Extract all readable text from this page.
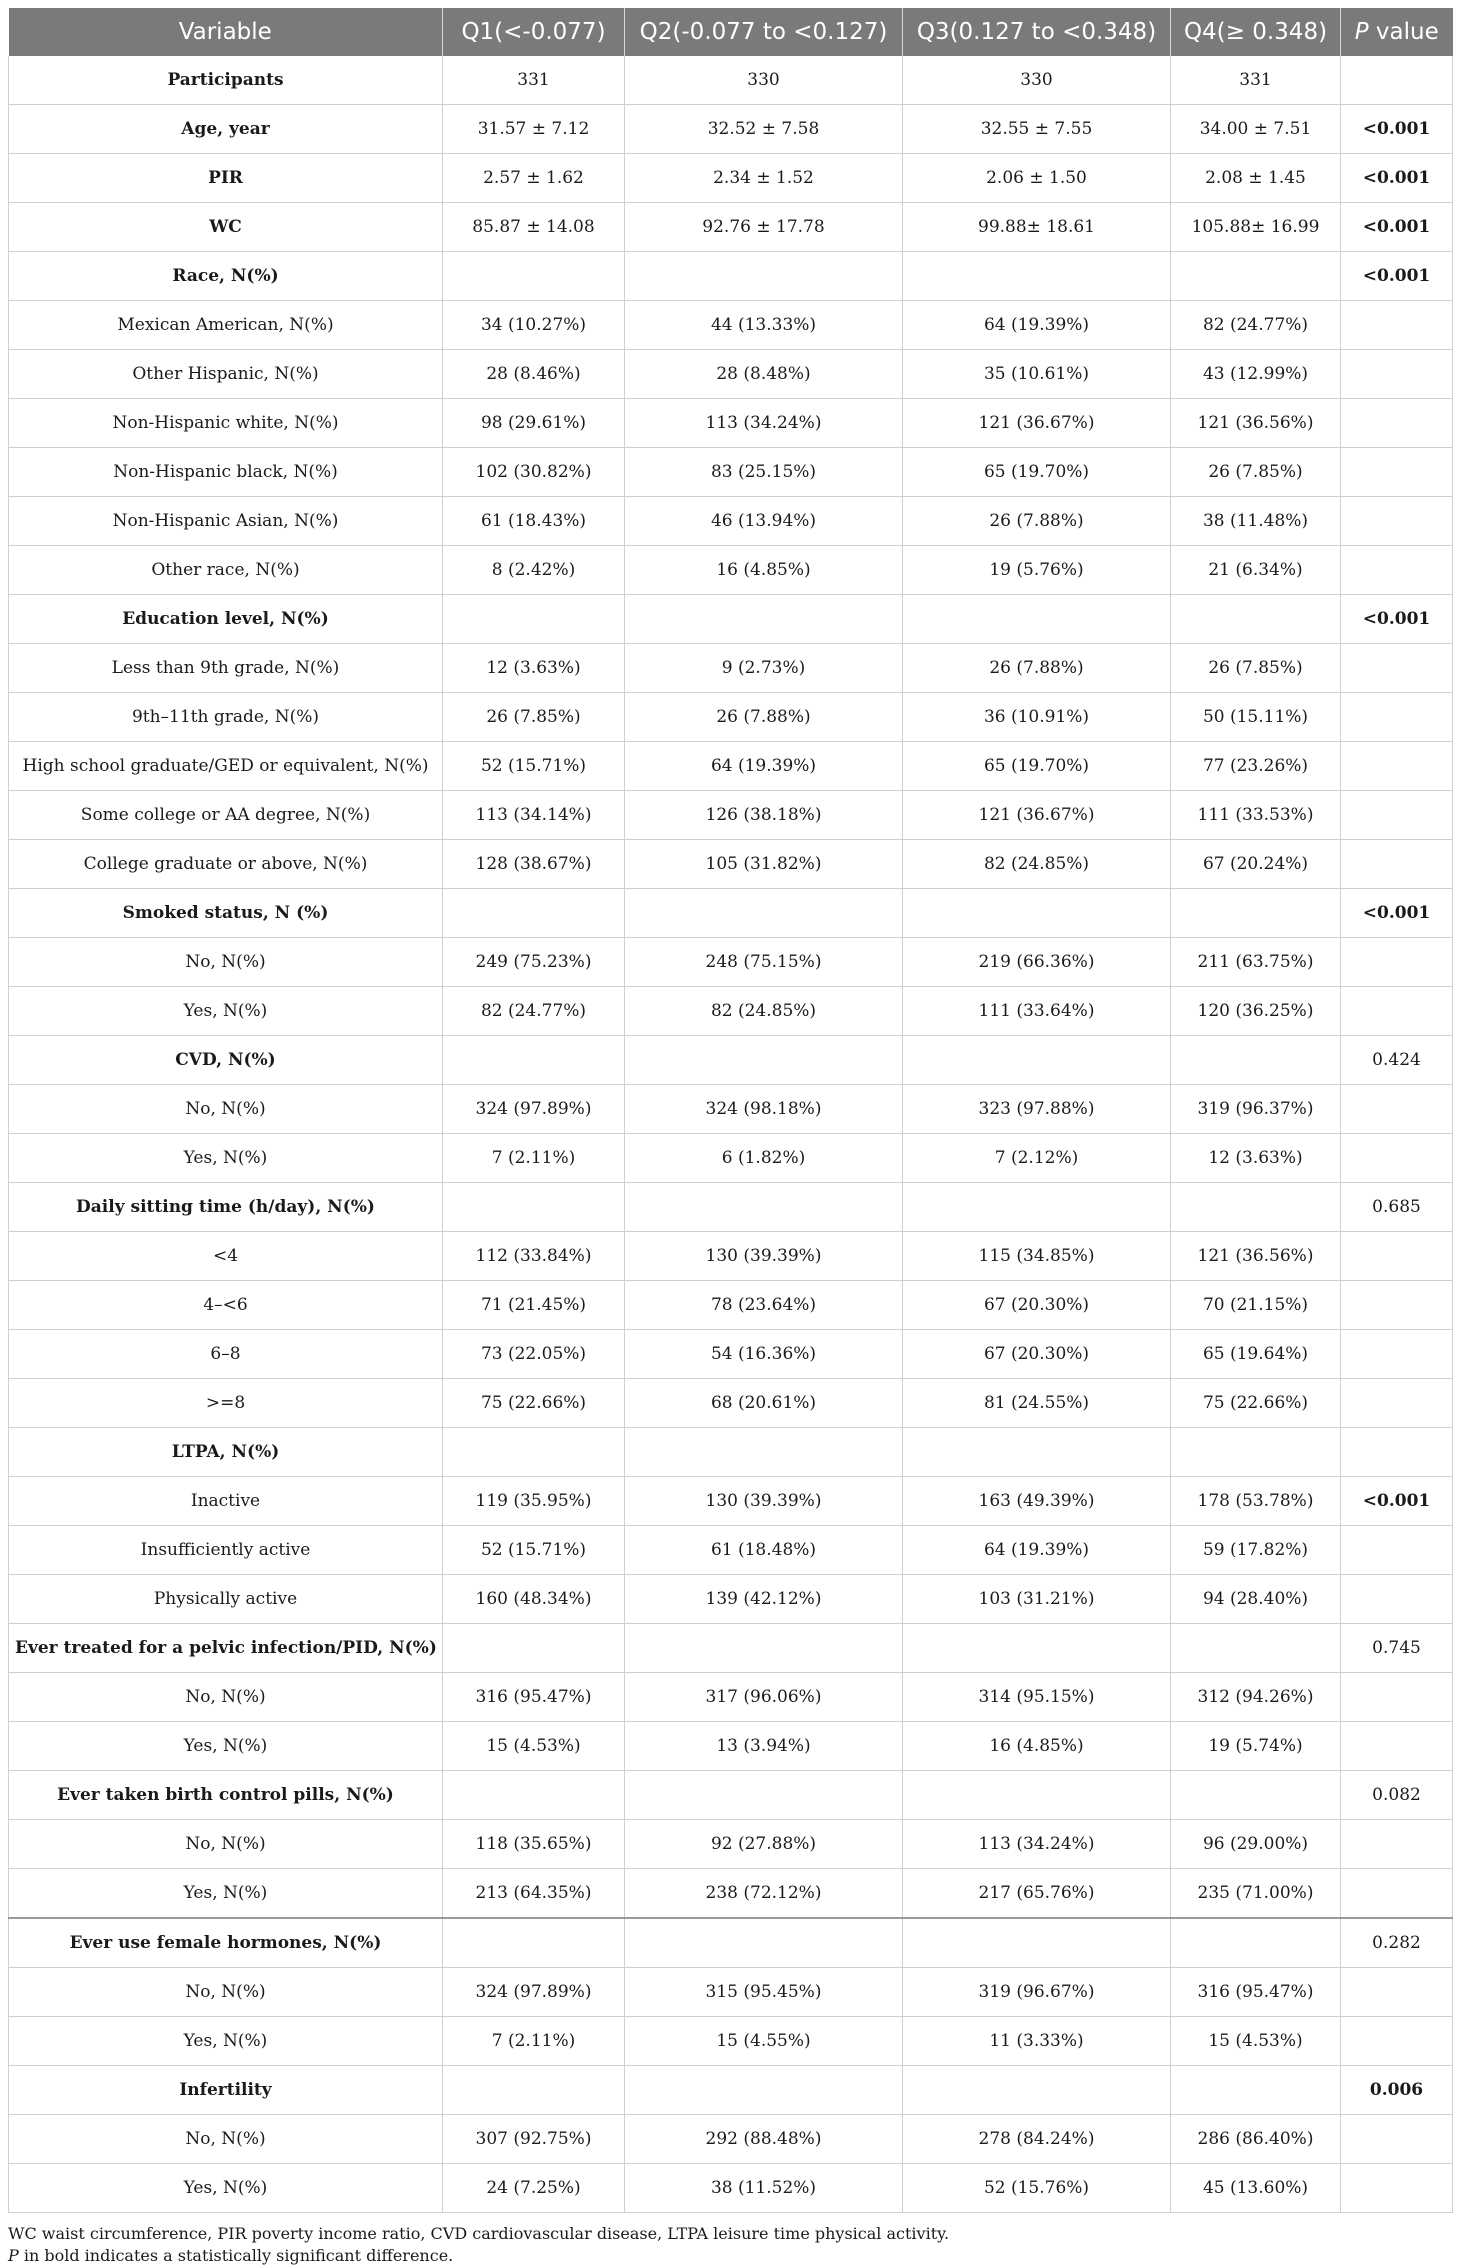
Variable	Q1(<-0.077)	Q2(-0.077 to <0.127)	Q3(0.127 to <0.348)	Q4(≥ 0.348)	P value
Participants	331	330	330	331	
Age, year	31.57 ± 7.12	32.52 ± 7.58	32.55 ± 7.55	34.00 ± 7.51	<0.001
PIR	2.57 ± 1.62	2.34 ± 1.52	2.06 ± 1.50	2.08 ± 1.45	<0.001
WC	85.87 ± 14.08	92.76 ± 17.78	99.88± 18.61	105.88± 16.99	<0.001
Race, N(%)					<0.001
Mexican American, N(%)	34 (10.27%)	44 (13.33%)	64 (19.39%)	82 (24.77%)	
Other Hispanic, N(%)	28 (8.46%)	28 (8.48%)	35 (10.61%)	43 (12.99%)	
Non-Hispanic white, N(%)	98 (29.61%)	113 (34.24%)	121 (36.67%)	121 (36.56%)	
Non-Hispanic black, N(%)	102 (30.82%)	83 (25.15%)	65 (19.70%)	26 (7.85%)	
Non-Hispanic Asian, N(%)	61 (18.43%)	46 (13.94%)	26 (7.88%)	38 (11.48%)	
Other race, N(%)	8 (2.42%)	16 (4.85%)	19 (5.76%)	21 (6.34%)	
Education level, N(%)					<0.001
Less than 9th grade, N(%)	12 (3.63%)	9 (2.73%)	26 (7.88%)	26 (7.85%)	
9th–11th grade, N(%)	26 (7.85%)	26 (7.88%)	36 (10.91%)	50 (15.11%)	
High school graduate/GED or equivalent, N(%)	52 (15.71%)	64 (19.39%)	65 (19.70%)	77 (23.26%)	
Some college or AA degree, N(%)	113 (34.14%)	126 (38.18%)	121 (36.67%)	111 (33.53%)	
College graduate or above, N(%)	128 (38.67%)	105 (31.82%)	82 (24.85%)	67 (20.24%)	
Smoked status, N (%)					<0.001
No, N(%)	249 (75.23%)	248 (75.15%)	219 (66.36%)	211 (63.75%)	
Yes, N(%)	82 (24.77%)	82 (24.85%)	111 (33.64%)	120 (36.25%)	
CVD, N(%)					0.424
No, N(%)	324 (97.89%)	324 (98.18%)	323 (97.88%)	319 (96.37%)	
Yes, N(%)	7 (2.11%)	6 (1.82%)	7 (2.12%)	12 (3.63%)	
Daily sitting time (h/day), N(%)					0.685
<4	112 (33.84%)	130 (39.39%)	115 (34.85%)	121 (36.56%)	
4–<6	71 (21.45%)	78 (23.64%)	67 (20.30%)	70 (21.15%)	
6–8	73 (22.05%)	54 (16.36%)	67 (20.30%)	65 (19.64%)	
>=8	75 (22.66%)	68 (20.61%)	81 (24.55%)	75 (22.66%)	
LTPA, N(%)					
Inactive	119 (35.95%)	130 (39.39%)	163 (49.39%)	178 (53.78%)	<0.001
Insufficiently active	52 (15.71%)	61 (18.48%)	64 (19.39%)	59 (17.82%)	
Physically active	160 (48.34%)	139 (42.12%)	103 (31.21%)	94 (28.40%)	
Ever treated for a pelvic infection/PID, N(%)					0.745
No, N(%)	316 (95.47%)	317 (96.06%)	314 (95.15%)	312 (94.26%)	
Yes, N(%)	15 (4.53%)	13 (3.94%)	16 (4.85%)	19 (5.74%)	
Ever taken birth control pills, N(%)					0.082
No, N(%)	118 (35.65%)	92 (27.88%)	113 (34.24%)	96 (29.00%)	
Yes, N(%)	213 (64.35%)	238 (72.12%)	217 (65.76%)	235 (71.00%)	
Ever use female hormones, N(%)					0.282
No, N(%)	324 (97.89%)	315 (95.45%)	319 (96.67%)	316 (95.47%)	
Yes, N(%)	7 (2.11%)	15 (4.55%)	11 (3.33%)	15 (4.53%)	
Infertility					0.006
No, N(%)	307 (92.75%)	292 (88.48%)	278 (84.24%)	286 (86.40%)	
Yes, N(%)	24 (7.25%)	38 (11.52%)	52 (15.76%)	45 (13.60%)	
WC waist circumference, PIR poverty income ratio, CVD cardiovascular disease, LTPA leisure time physical activity.
P in bold indicates a statistically significant difference.
